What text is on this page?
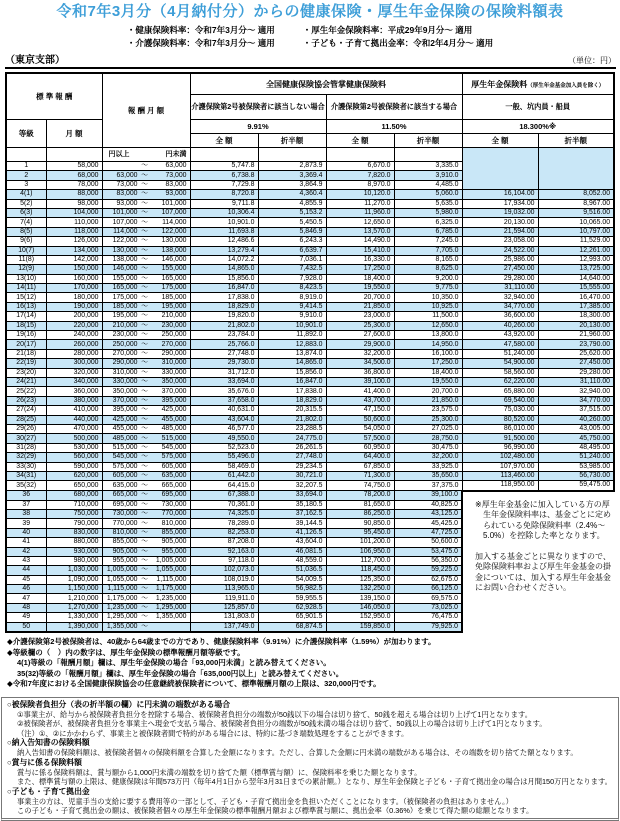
令和7年3月分（4月納付分）からの健康保険・厚生年金保険の保険料額表
・健康保険料率：令和7年3月分～ 適用
・介護保険料率：令和7年3月分～ 適用
・厚生年金保険料率：平成29年9月分～ 適用
・子ども・子育て拠出金率：令和2年4月分～ 適用
（東京支部）	（単位：円）
標 準 報 酬		報 酬 月 額	全国健康保険協会管掌健康保険料				厚生年金保険料（厚生年金基金加入員を除く）	
			介護保険第2号被保険者に該当しない場合		介護保険第2号被保険者に該当する場合		一般、坑内員・船員	
等級	月 額		9.91%		11.50%		18.300%※	
			全 額	折半額	全 額	折半額	全 額	折半額

		円以上 円未満						

1	58,000	～ 63,000	5,747.8	2,873.9	6,670.0	3,335.0		
2	68,000	63,000 ～ 73,000	6,738.8	3,369.4	7,820.0	3,910.0		
3	78,000	73,000 ～ 83,000	7,729.8	3,864.9	8,970.0	4,485.0		
4(1)	88,000	83,000 ～ 93,000	8,720.8	4,360.4	10,120.0	5,060.0	16,104.00	8,052.00
5(2)	98,000	93,000 ～ 101,000	9,711.8	4,855.9	11,270.0	5,635.0	17,934.00	8,967.00
6(3)	104,000	101,000 ～ 107,000	10,306.4	5,153.2	11,960.0	5,980.0	19,032.00	9,516.00
7(4)	110,000	107,000 ～ 114,000	10,901.0	5,450.5	12,650.0	6,325.0	20,130.00	10,065.00
8(5)	118,000	114,000 ～ 122,000	11,693.8	5,846.9	13,570.0	6,785.0	21,594.00	10,797.00
9(6)	126,000	122,000 ～ 130,000	12,486.6	6,243.3	14,490.0	7,245.0	23,058.00	11,529.00
10(7)	134,000	130,000 ～ 138,000	13,279.4	6,639.7	15,410.0	7,705.0	24,522.00	12,261.00
11(8)	142,000	138,000 ～ 146,000	14,072.2	7,036.1	16,330.0	8,165.0	25,986.00	12,993.00
12(9)	150,000	146,000 ～ 155,000	14,865.0	7,432.5	17,250.0	8,625.0	27,450.00	13,725.00
13(10)	160,000	155,000 ～ 165,000	15,856.0	7,928.0	18,400.0	9,200.0	29,280.00	14,640.00
14(11)	170,000	165,000 ～ 175,000	16,847.0	8,423.5	19,550.0	9,775.0	31,110.00	15,555.00
15(12)	180,000	175,000 ～ 185,000	17,838.0	8,919.0	20,700.0	10,350.0	32,940.00	16,470.00
16(13)	190,000	185,000 ～ 195,000	18,829.0	9,414.5	21,850.0	10,925.0	34,770.00	17,385.00
17(14)	200,000	195,000 ～ 210,000	19,820.0	9,910.0	23,000.0	11,500.0	36,600.00	18,300.00
18(15)	220,000	210,000 ～ 230,000	21,802.0	10,901.0	25,300.0	12,650.0	40,260.00	20,130.00
19(16)	240,000	230,000 ～ 250,000	23,784.0	11,892.0	27,600.0	13,800.0	43,920.00	21,960.00
20(17)	260,000	250,000 ～ 270,000	25,766.0	12,883.0	29,900.0	14,950.0	47,580.00	23,790.00
21(18)	280,000	270,000 ～ 290,000	27,748.0	13,874.0	32,200.0	16,100.0	51,240.00	25,620.00
22(19)	300,000	290,000 ～ 310,000	29,730.0	14,865.0	34,500.0	17,250.0	54,900.00	27,450.00
23(20)	320,000	310,000 ～ 330,000	31,712.0	15,856.0	36,800.0	18,400.0	58,560.00	29,280.00
24(21)	340,000	330,000 ～ 350,000	33,694.0	16,847.0	39,100.0	19,550.0	62,220.00	31,110.00
25(22)	360,000	350,000 ～ 370,000	35,676.0	17,838.0	41,400.0	20,700.0	65,880.00	32,940.00
26(23)	380,000	370,000 ～ 395,000	37,658.0	18,829.0	43,700.0	21,850.0	69,540.00	34,770.00
27(24)	410,000	395,000 ～ 425,000	40,631.0	20,315.5	47,150.0	23,575.0	75,030.00	37,515.00
28(25)	440,000	425,000 ～ 455,000	43,604.0	21,802.0	50,600.0	25,300.0	80,520.00	40,260.00
29(26)	470,000	455,000 ～ 485,000	46,577.0	23,288.5	54,050.0	27,025.0	86,010.00	43,005.00
30(27)	500,000	485,000 ～ 515,000	49,550.0	24,775.0	57,500.0	28,750.0	91,500.00	45,750.00
31(28)	530,000	515,000 ～ 545,000	52,523.0	26,261.5	60,950.0	30,475.0	96,990.00	48,495.00
32(29)	560,000	545,000 ～ 575,000	55,496.0	27,748.0	64,400.0	32,200.0	102,480.00	51,240.00
33(30)	590,000	575,000 ～ 605,000	58,469.0	29,234.5	67,850.0	33,925.0	107,970.00	53,985.00
34(31)	620,000	605,000 ～ 635,000	61,442.0	30,721.0	71,300.0	35,650.0	113,460.00	56,730.00
35(32)	650,000	635,000 ～ 665,000	64,415.0	32,207.5	74,750.0	37,375.0	118,950.00	59,475.00
36	680,000	665,000 ～	695,000	67,388.0	33,694.0	78,200.0	39,100.0	

※厚生年金基金に加入している方の厚生年金保険料率は、基金ごとに定められている免除保険料率（2.4%～5.0%）を控除した率となります。

加入する基金ごとに異なりますので、免除保険料率および厚生年金基金の掛金については、加入する厚生年金基金にお問い合わせください。

37	710,000	695,000 ～ 730,000	70,361.0	35,180.5	81,650.0	40,825.0		
38	750,000	730,000 ～ 770,000	74,325.0	37,162.5	86,250.0	43,125.0		
39	790,000	770,000 ～ 810,000	78,289.0	39,144.5	90,850.0	45,425.0		
40	830,000	810,000 ～ 855,000	82,253.0	41,126.5	95,450.0	47,725.0		
41	880,000	855,000 ～ 905,000	87,208.0	43,604.0	101,200.0	50,600.0		
42	930,000	905,000 ～ 955,000	92,163.0	46,081.5	106,950.0	53,475.0		
43	980,000	955,000 ～ 1,005,000	97,118.0	48,559.0	112,700.0	56,350.0		
44	1,030,000	1,005,000 ～ 1,055,000	102,073.0	51,036.5	118,450.0	59,225.0		
45	1,090,000	1,055,000 ～ 1,115,000	108,019.0	54,009.5	125,350.0	62,675.0		
46	1,150,000	1,115,000 ～ 1,175,000	113,965.0	56,982.5	132,250.0	66,125.0		
47	1,210,000	1,175,000 ～ 1,235,000	119,911.0	59,955.5	139,150.0	69,575.0		
48	1,270,000	1,235,000 ～ 1,295,000	125,857.0	62,928.5	146,050.0	73,025.0		
49	1,330,000	1,295,000 ～ 1,355,000	131,803.0	65,901.5	152,950.0	76,475.0		
50	1,390,000	1,355,000 ～	137,749.0	68,874.5	159,850.0	79,925.0		
◆介護保険第2号被保険者は、40歳から64歳までの方であり、健康保険料率（9.91%）に介護保険料率（1.59%）が加わります。
◆等級欄の（　）内の数字は、厚生年金保険の標準報酬月額等級です。
4(1)等級の「報酬月額」欄は、厚生年金保険の場合「93,000円未満」と読み替えてください。
35(32)等級の「報酬月額」欄は、厚生年金保険の場合「635,000円以上」と読み替えてください。
◆令和7年度における全国健康保険協会の任意継続被保険者について、標準報酬月額の上限は、320,000円です。
○被保険者負担分（表の折半額の欄）に円未満の端数がある場合
①事業主が、給与から被保険者負担分を控除する場合、被保険者負担分の端数が50銭以下の場合は切り捨て、50銭を超える場合は切り上げて1円となります。
②被保険者が、被保険者負担分を事業主へ現金で支払う場合、被保険者負担分の端数が50銭未満の場合は切り捨て、50銭以上の場合は切り上げて1円となります。
（注）①、②にかかわらず、事業主と被保険者間で特約がある場合には、特約に基づき端数処理をすることができます。
○納入告知書の保険料額
納入告知書の保険料額は、被保険者個々の保険料額を合算した金額になります。ただし、合算した金額に円未満の端数がある場合は、その端数を切り捨てた額となります。
○賞与に係る保険料額
賞与に係る保険料額は、賞与額から1,000円未満の端数を切り捨てた額（標準賞与額）に、保険料率を乗じた額となります。
また、標準賞与額の上限は、健康保険は年間573万円（毎年4月1日から翌年3月31日までの累計額。）となり、厚生年金保険と子ども・子育て拠出金の場合は月間150万円となります。
○子ども・子育て拠出金
事業主の方は、児童手当の支給に要する費用等の一部として、子ども・子育て拠出金を負担いただくことになります。（被保険者の負担はありません。）
この子ども・子育て拠出金の額は、被保険者個々の厚生年金保険の標準報酬月額および標準賞与額に、拠出金率（0.36%）を乗じて得た額の総額となります。
